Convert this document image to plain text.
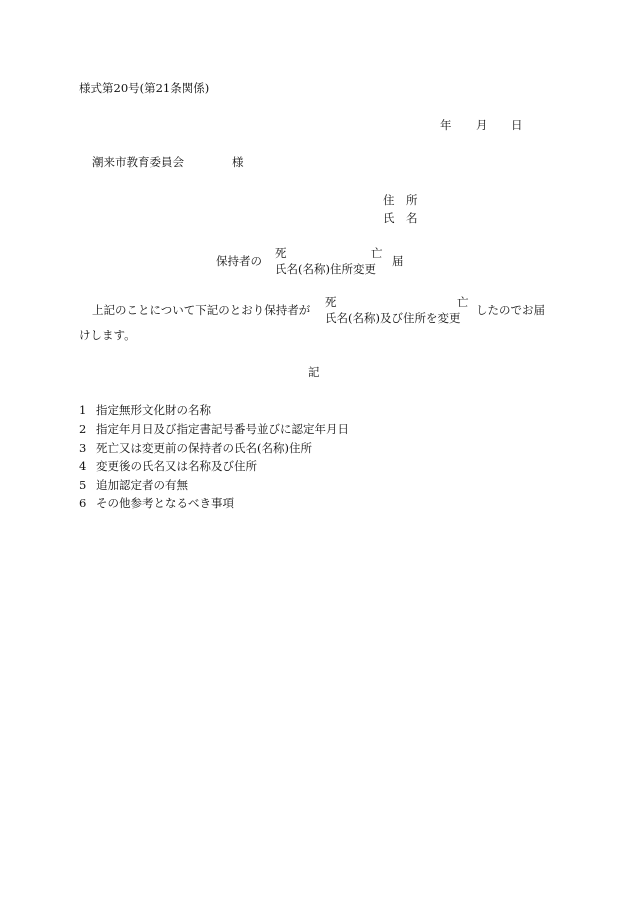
様式第20号(第21条関係)
年 月 日
潮来市教育委員会	様
住　所
氏　名
保持者の
死	亡
氏名(名称)住所変更
届
上記のことについて下記のとおり保持者が
死	亡
氏名(名称)及び住所を変更
したのでお届
けします。
記
1 指定無形文化財の名称
2 指定年月日及び指定書記号番号並びに認定年月日
3 死亡又は変更前の保持者の氏名(名称)住所
4 変更後の氏名又は名称及び住所
5 追加認定者の有無
6 その他参考となるべき事項
